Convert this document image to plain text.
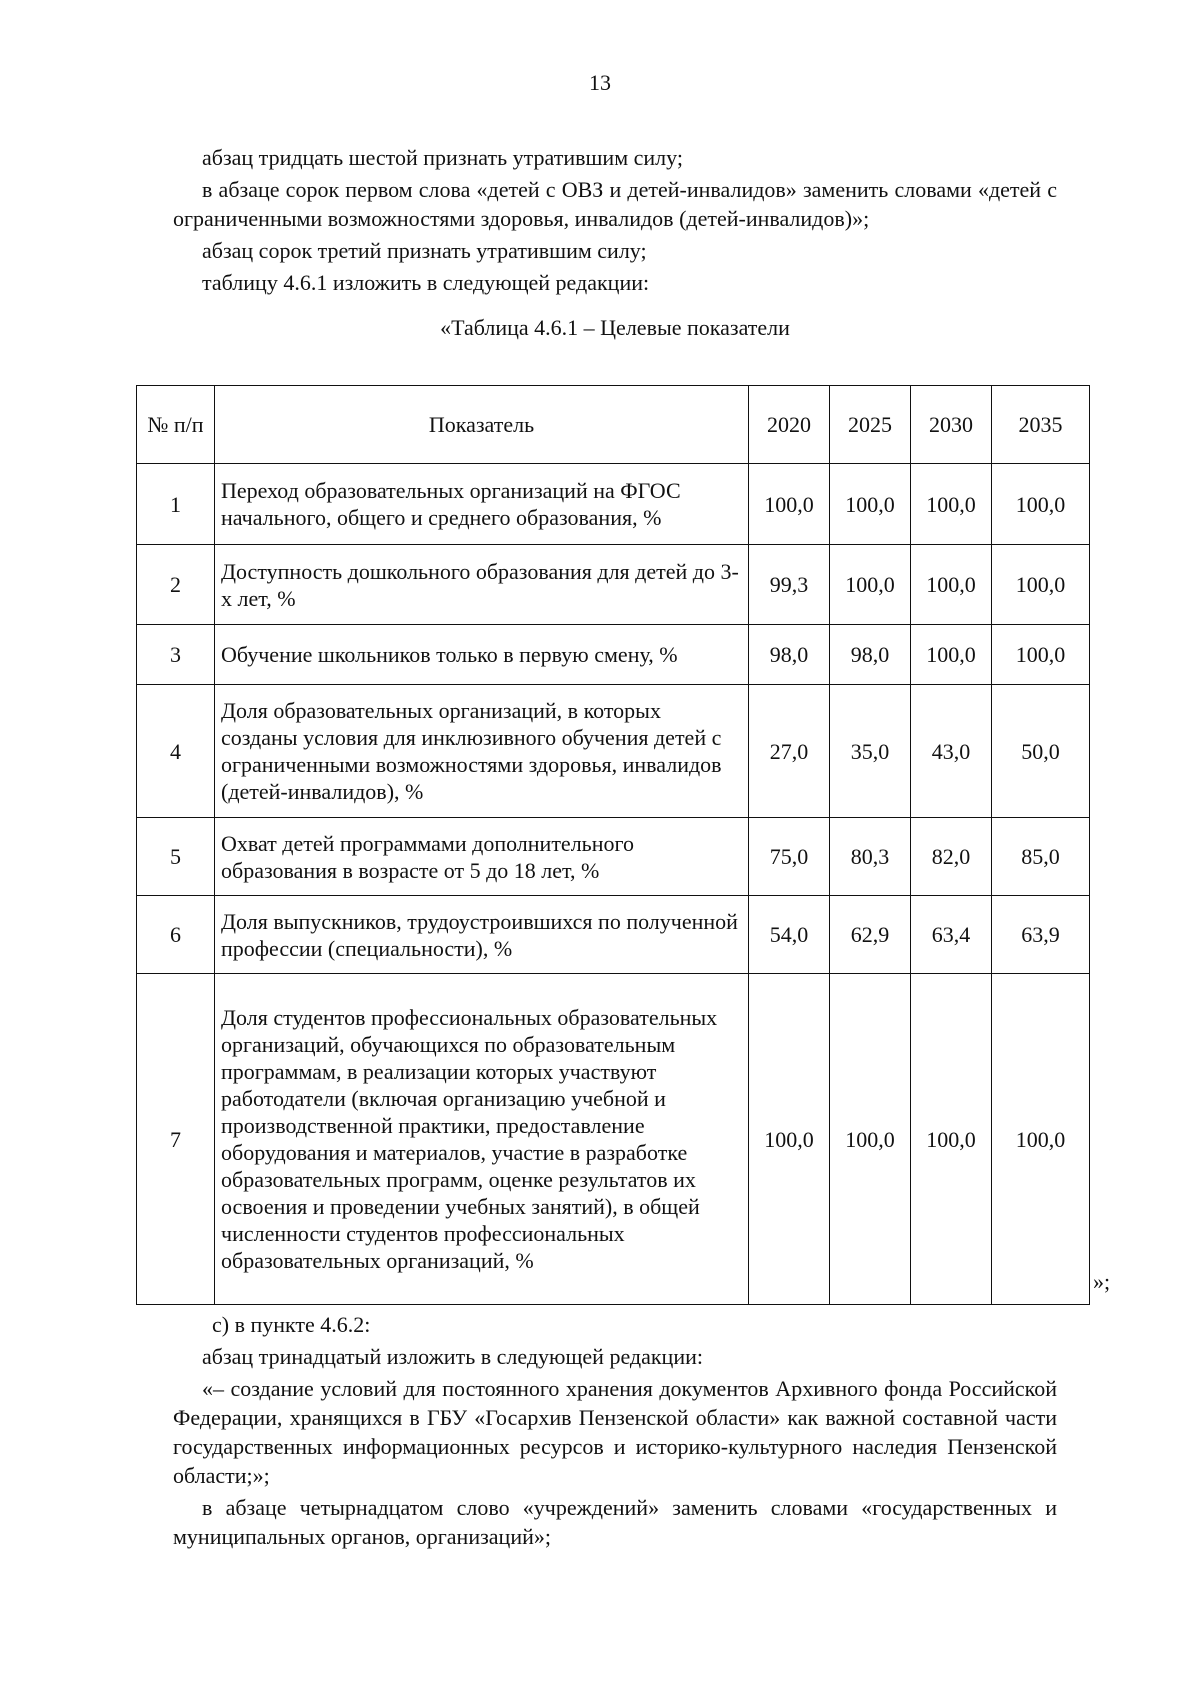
13

абзац тридцать шестой признать утратившим силу;

в абзаце сорок первом слова «детей с ОВЗ и детей-инвалидов» заменить словами «детей с ограниченными возможностями здоровья, инвалидов (детей-инвалидов)»;

абзац сорок третий признать утратившим силу;

таблицу 4.6.1 изложить в следующей редакции:

«Таблица 4.6.1 – Целевые показатели

№ п/п	Показатель	2020	2025	2030	2035
1	Переход образовательных организаций на ФГОС начального, общего и среднего образования, %	100,0	100,0	100,0	100,0
2	Доступность дошкольного образования для детей до 3-х лет, %	99,3	100,0	100,0	100,0
3	Обучение школьников только в первую смену, %	98,0	98,0	100,0	100,0
4	Доля образовательных организаций, в которых созданы условия для инклюзивного обучения детей с ограниченными возможностями здоровья, инвалидов (детей-инвалидов), %	27,0	35,0	43,0	50,0
5	Охват детей программами дополнительного образования в возрасте от 5 до 18 лет, %	75,0	80,3	82,0	85,0
6	Доля выпускников, трудоустроившихся по полученной профессии (специальности), %	54,0	62,9	63,4	63,9
7	Доля студентов профессиональных образовательных организаций, обучающихся по образовательным программам, в реализации которых участвуют работодатели (включая организацию учебной и производственной практики, предоставление оборудования и материалов, участие в разработке образовательных программ, оценке результатов их освоения и проведении учебных занятий), в общей численности студентов профессиональных образовательных организаций, %	100,0	100,0	100,0	100,0
»;

с) в пункте 4.6.2:

абзац тринадцатый изложить в следующей редакции:

«– создание условий для постоянного хранения документов Архивного фонда Российской Федерации, хранящихся в ГБУ «Госархив Пензенской области» как важной составной части государственных информационных ресурсов и историко-культурного наследия Пензенской области;»;

в абзаце четырнадцатом слово «учреждений» заменить словами «государственных и муниципальных органов, организаций»;
